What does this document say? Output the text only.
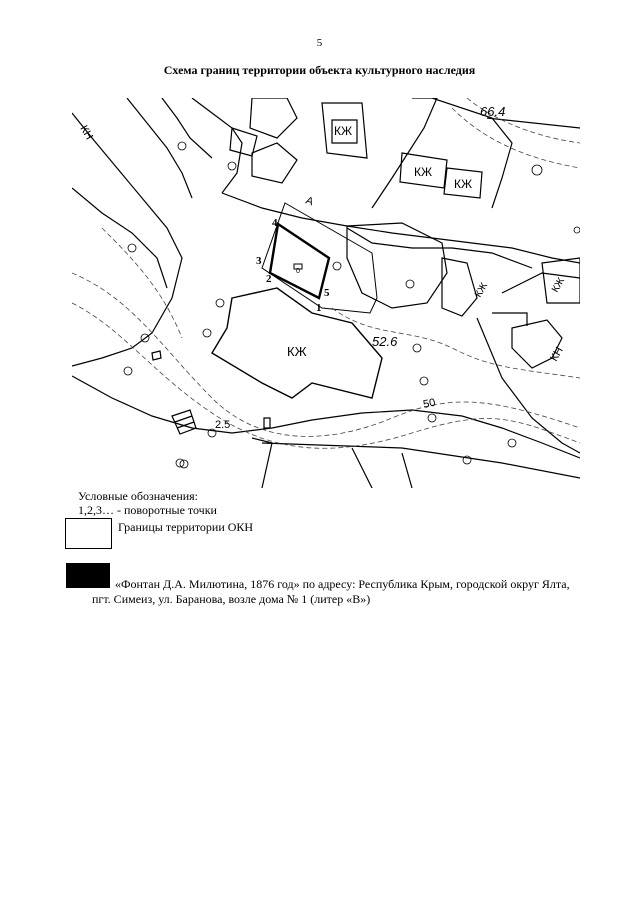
5
Схема границ территории объекта культурного наследия
КЖ
КЖ
КЖ
КЖ
КЖ	КЖ
КН
КН
А
66.4
52.6
50
2.5
0
1
2
3
4
5
Условные обозначения:
1,2,3… - поворотные точки
Границы территории ОКН
«Фонтан Д.А. Милютина, 1876 год» по адресу: Республика Крым, городской округ Ялта,
пгт. Симеиз, ул. Баранова, возле дома № 1 (литер «В»)
